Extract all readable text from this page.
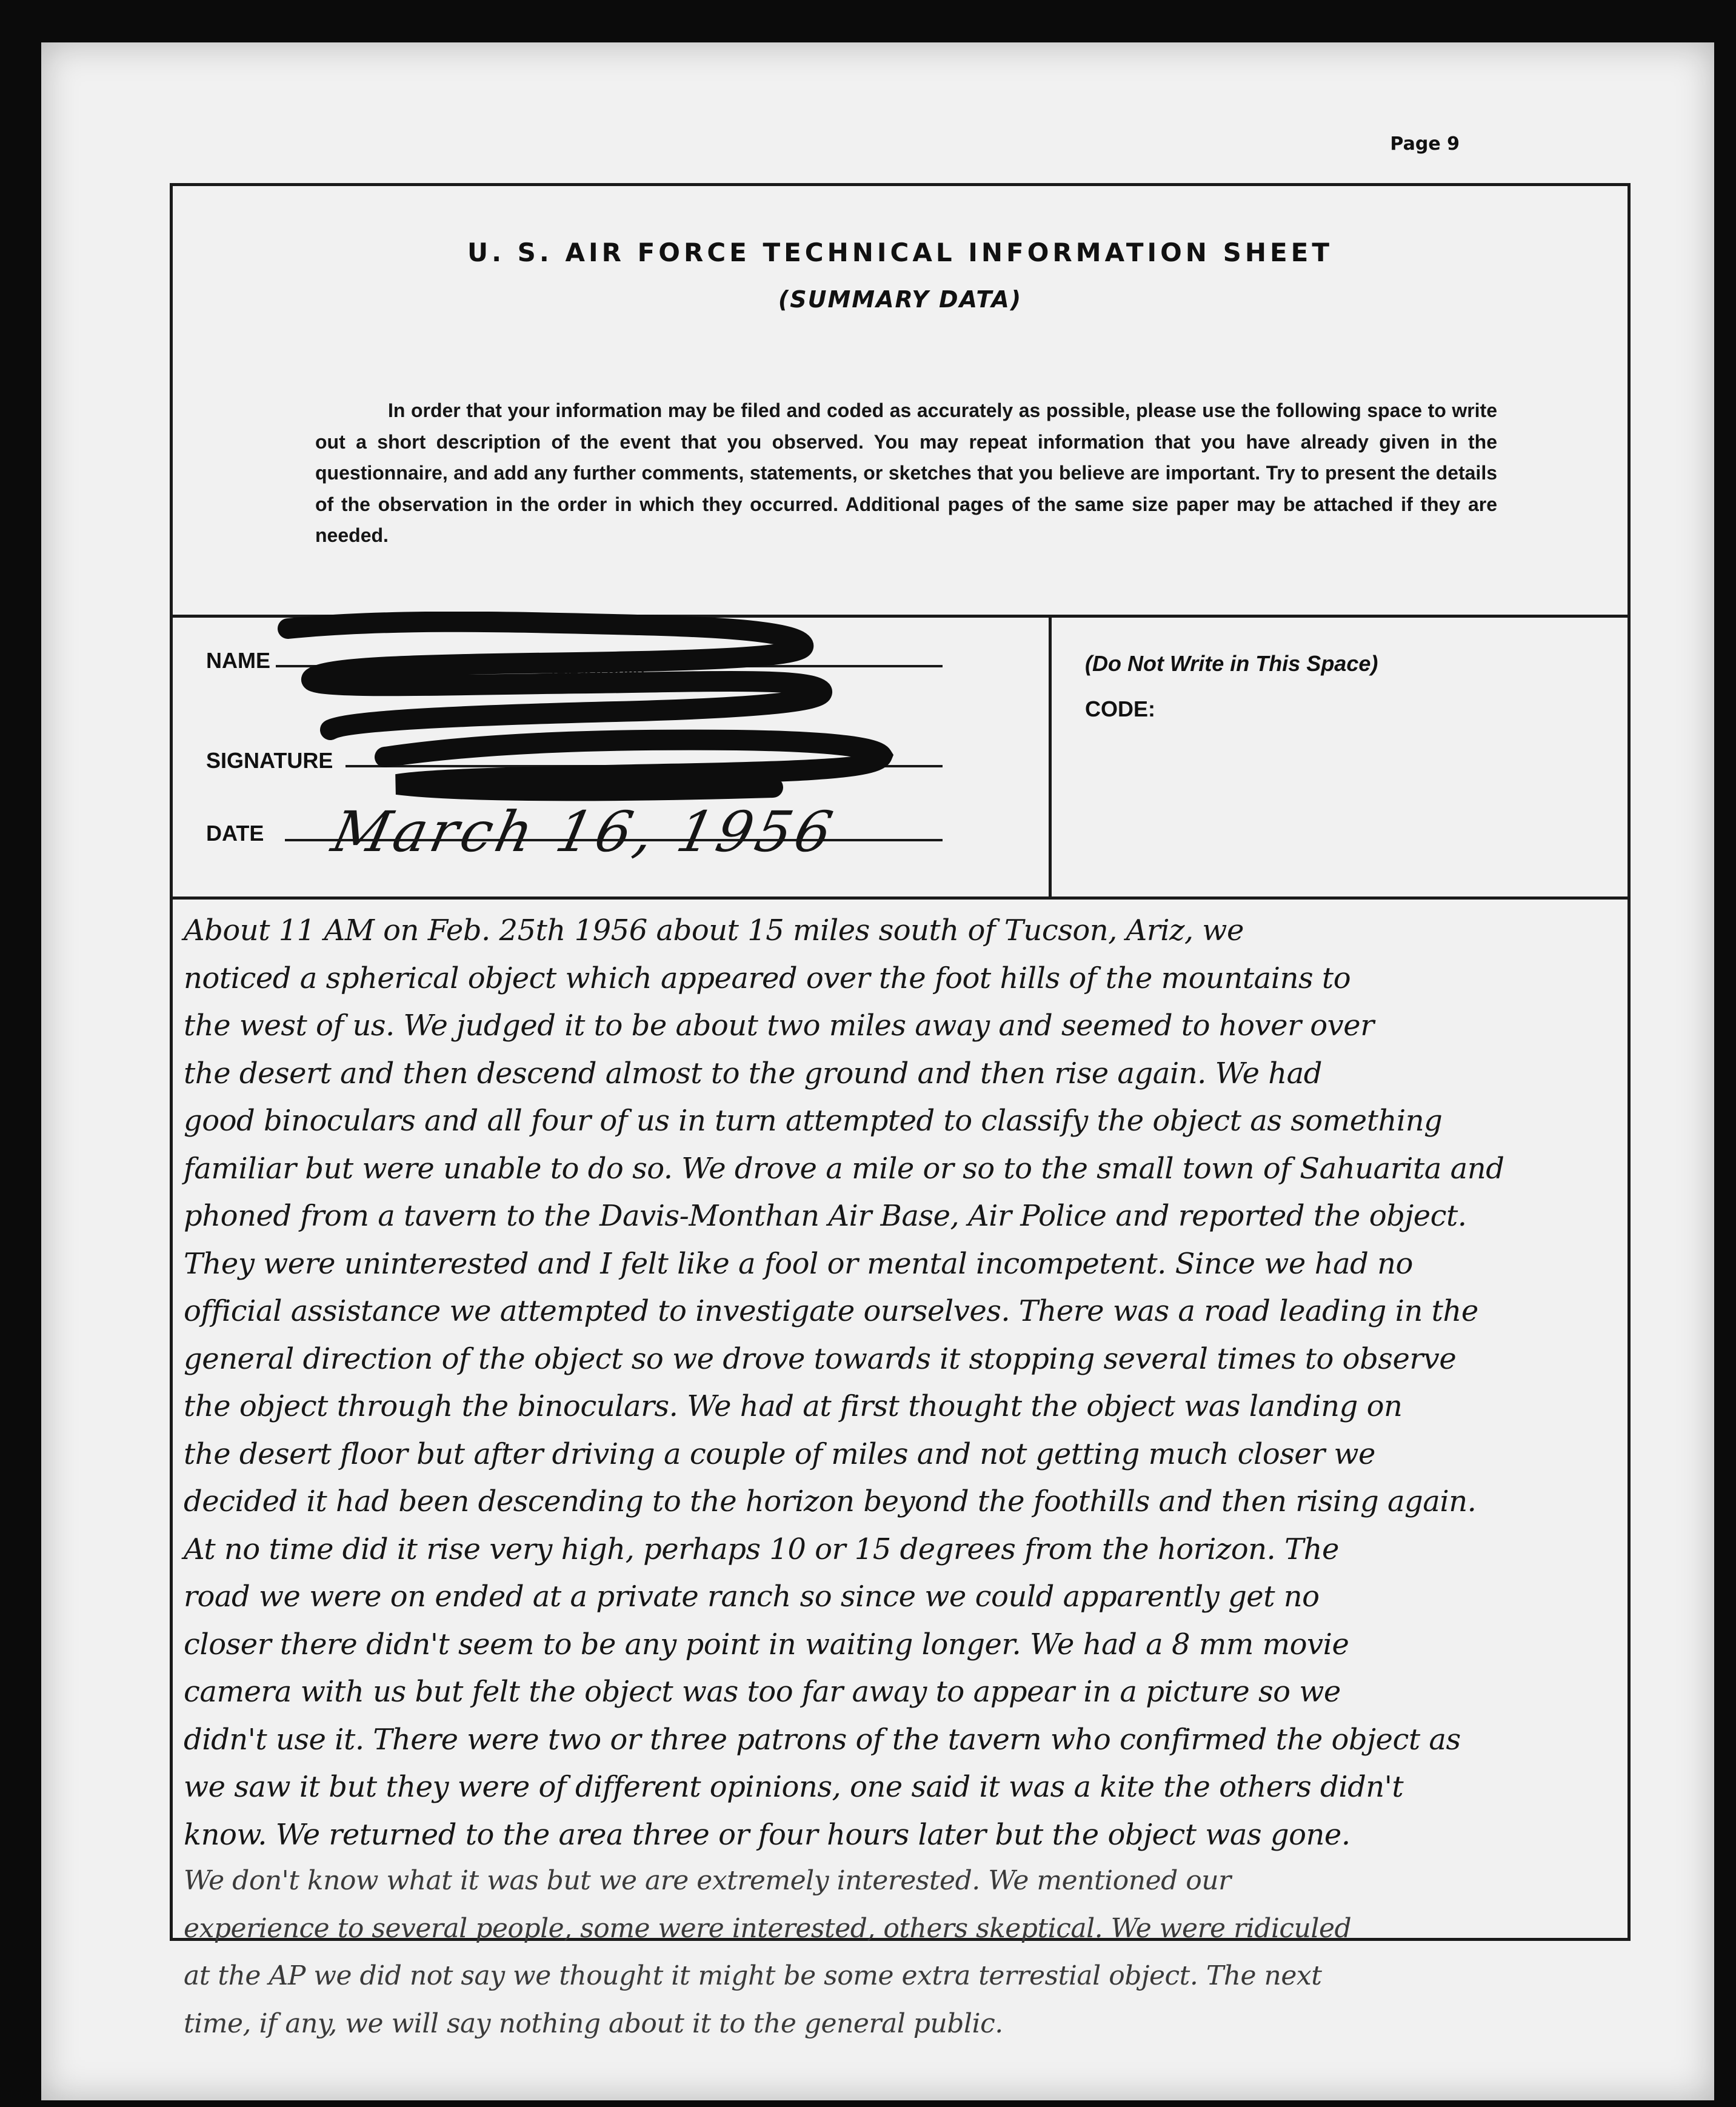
Page 9
U. S. AIR FORCE TECHNICAL INFORMATION SHEET
(SUMMARY DATA)
In order that your information may be filed and coded as accurately as possible, please use the following space to write out a short description of the event that you observed. You may repeat information that you have already given in the questionnaire, and add any further comments, statements, or sketches that you believe are important. Try to present the details of the observation in the order in which they occurred. Additional pages of the same size paper may be attached if they are needed.
NAME
(Please Print)
SIGNATURE
DATE March 16, 1956
(Do Not Write in This Space)
CODE:

About 11 AM on Feb. 25th 1956 about 15 miles south of Tucson, Ariz, we

noticed a spherical object which appeared over the foot hills of the mountains to

the west of us. We judged it to be about two miles away and seemed to hover over

the desert and then descend almost to the ground and then rise again. We had

good binoculars and all four of us in turn attempted to classify the object as something

familiar but were unable to do so. We drove a mile or so to the small town of Sahuarita and

phoned from a tavern to the Davis-Monthan Air Base, Air Police and reported the object.

They were uninterested and I felt like a fool or mental incompetent. Since we had no

official assistance we attempted to investigate ourselves. There was a road leading in the

general direction of the object so we drove towards it stopping several times to observe

the object through the binoculars. We had at first thought the object was landing on

the desert floor but after driving a couple of miles and not getting much closer we

decided it had been descending to the horizon beyond the foothills and then rising again.

At no time did it rise very high, perhaps 10 or 15 degrees from the horizon. The

road we were on ended at a private ranch so since we could apparently get no

closer there didn't seem to be any point in waiting longer. We had a 8 mm movie

camera with us but felt the object was too far away to appear in a picture so we

didn't use it. There were two or three patrons of the tavern who confirmed the object as

we saw it but they were of different opinions, one said it was a kite the others didn't

know. We returned to the area three or four hours later but the object was gone.

We don't know what it was but we are extremely interested. We mentioned our

experience to several people, some were interested, others skeptical. We were ridiculed

at the AP we did not say we thought it might be some extra terrestial object. The next

time, if any, we will say nothing about it to the general public.
